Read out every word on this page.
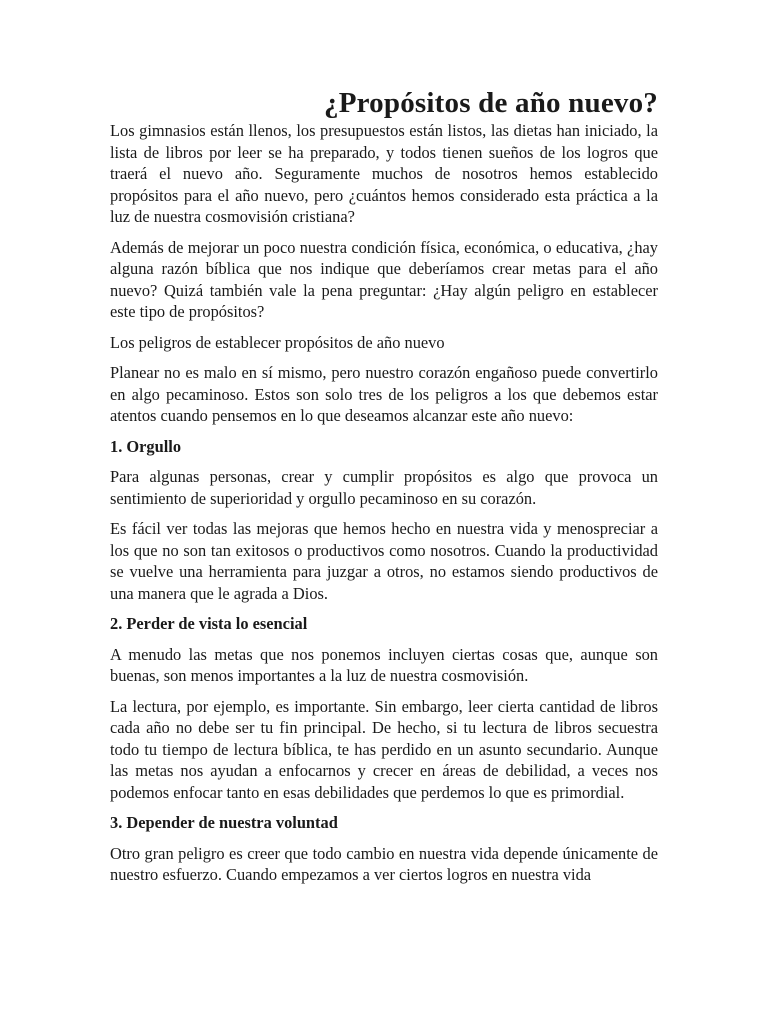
¿Propósitos de año nuevo?

Los gimnasios están llenos, los presupuestos están listos, las dietas han iniciado, la lista de libros por leer se ha preparado, y todos tienen sueños de los logros que traerá el nuevo año. Seguramente muchos de nosotros hemos establecido propósitos para el año nuevo, pero ¿cuántos hemos considerado esta práctica a la luz de nuestra cosmovisión cristiana?

Además de mejorar un poco nuestra condición física, económica, o educativa, ¿hay alguna razón bíblica que nos indique que deberíamos crear metas para el año nuevo? Quizá también vale la pena preguntar: ¿Hay algún peligro en establecer este tipo de propósitos?

Los peligros de establecer propósitos de año nuevo

Planear no es malo en sí mismo, pero nuestro corazón engañoso puede convertirlo en algo pecaminoso. Estos son solo tres de los peligros a los que debemos estar atentos cuando pensemos en lo que deseamos alcanzar este año nuevo:

1. Orgullo

Para algunas personas, crear y cumplir propósitos es algo que provoca un sentimiento de superioridad y orgullo pecaminoso en su corazón.

Es fácil ver todas las mejoras que hemos hecho en nuestra vida y menospreciar a los que no son tan exitosos o productivos como nosotros. Cuando la productividad se vuelve una herramienta para juzgar a otros, no estamos siendo productivos de una manera que le agrada a Dios.

2. Perder de vista lo esencial

A menudo las metas que nos ponemos incluyen ciertas cosas que, aunque son buenas, son menos importantes a la luz de nuestra cosmovisión.

La lectura, por ejemplo, es importante. Sin embargo, leer cierta cantidad de libros cada año no debe ser tu fin principal. De hecho, si tu lectura de libros secuestra todo tu tiempo de lectura bíblica, te has perdido en un asunto secundario. Aunque las metas nos ayudan a enfocarnos y crecer en áreas de debilidad, a veces nos podemos enfocar tanto en esas debilidades que perdemos lo que es primordial.

3. Depender de nuestra voluntad

Otro gran peligro es creer que todo cambio en nuestra vida depende únicamente de nuestro esfuerzo. Cuando empezamos a ver ciertos logros en nuestra vida
